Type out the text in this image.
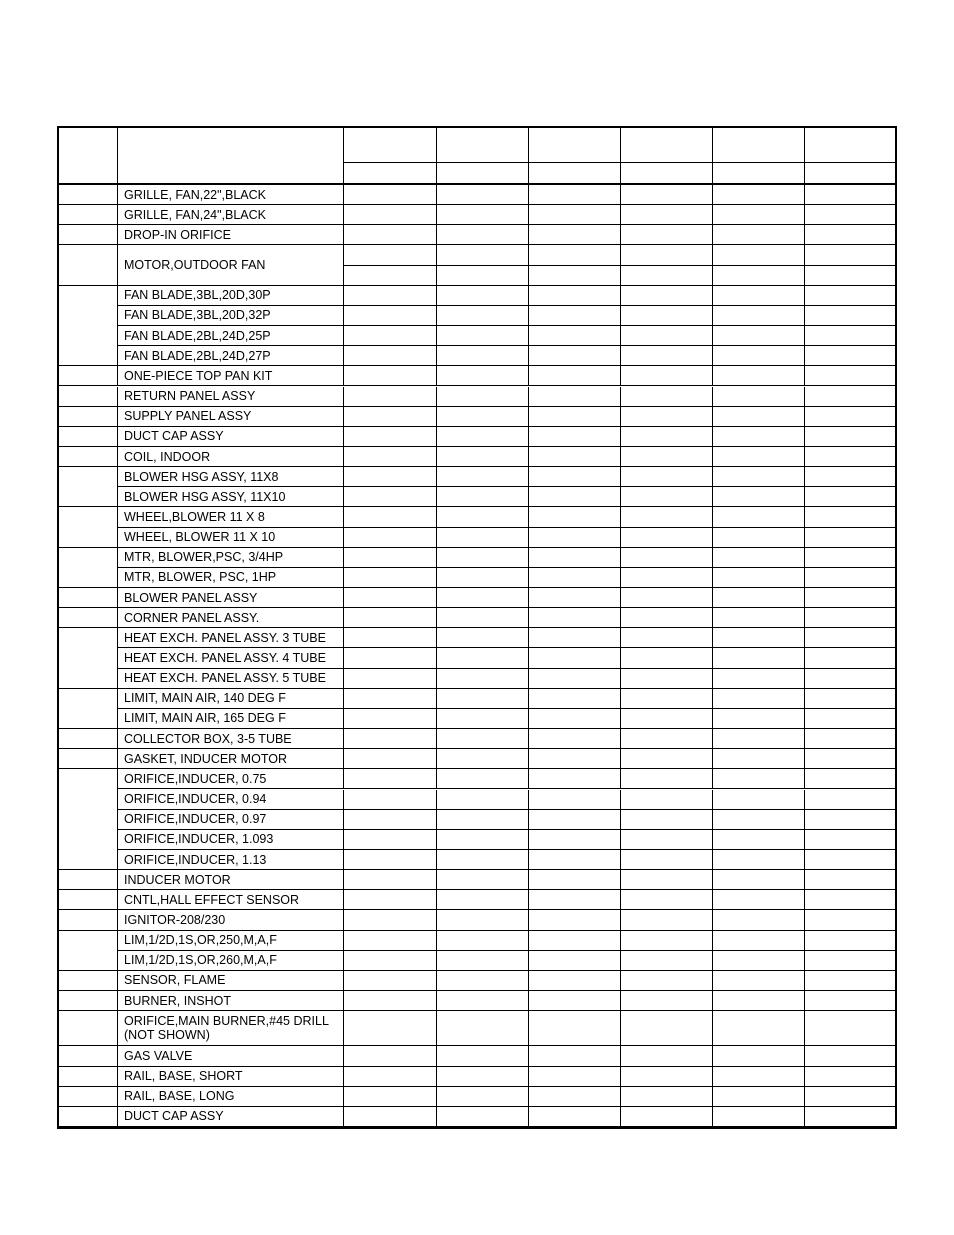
GRILLE, FAN,22",BLACK
GRILLE, FAN,24",BLACK
DROP-IN ORIFICE
MOTOR,OUTDOOR FAN
FAN BLADE,3BL,20D,30P
FAN BLADE,3BL,20D,32P
FAN BLADE,2BL,24D,25P
FAN BLADE,2BL,24D,27P
ONE-PIECE TOP PAN KIT
RETURN PANEL ASSY
SUPPLY PANEL ASSY
DUCT CAP ASSY
COIL, INDOOR
BLOWER HSG ASSY, 11X8
BLOWER HSG ASSY, 11X10
WHEEL,BLOWER 11 X 8
WHEEL, BLOWER 11 X 10
MTR, BLOWER,PSC, 3/4HP
MTR, BLOWER, PSC, 1HP
BLOWER PANEL ASSY
CORNER PANEL ASSY.
HEAT EXCH. PANEL ASSY. 3 TUBE
HEAT EXCH. PANEL ASSY. 4 TUBE
HEAT EXCH. PANEL ASSY. 5 TUBE
LIMIT, MAIN AIR, 140 DEG F
LIMIT, MAIN AIR, 165 DEG F
COLLECTOR BOX, 3-5 TUBE
GASKET, INDUCER MOTOR
ORIFICE,INDUCER, 0.75
ORIFICE,INDUCER, 0.94
ORIFICE,INDUCER, 0.97
ORIFICE,INDUCER, 1.093
ORIFICE,INDUCER, 1.13
INDUCER MOTOR
CNTL,HALL EFFECT SENSOR
IGNITOR-208/230
LIM,1/2D,1S,OR,250,M,A,F
LIM,1/2D,1S,OR,260,M,A,F
SENSOR, FLAME
BURNER, INSHOT
ORIFICE,MAIN BURNER,#45 DRILL
(NOT SHOWN)
GAS VALVE
RAIL, BASE, SHORT
RAIL, BASE, LONG
DUCT CAP ASSY
